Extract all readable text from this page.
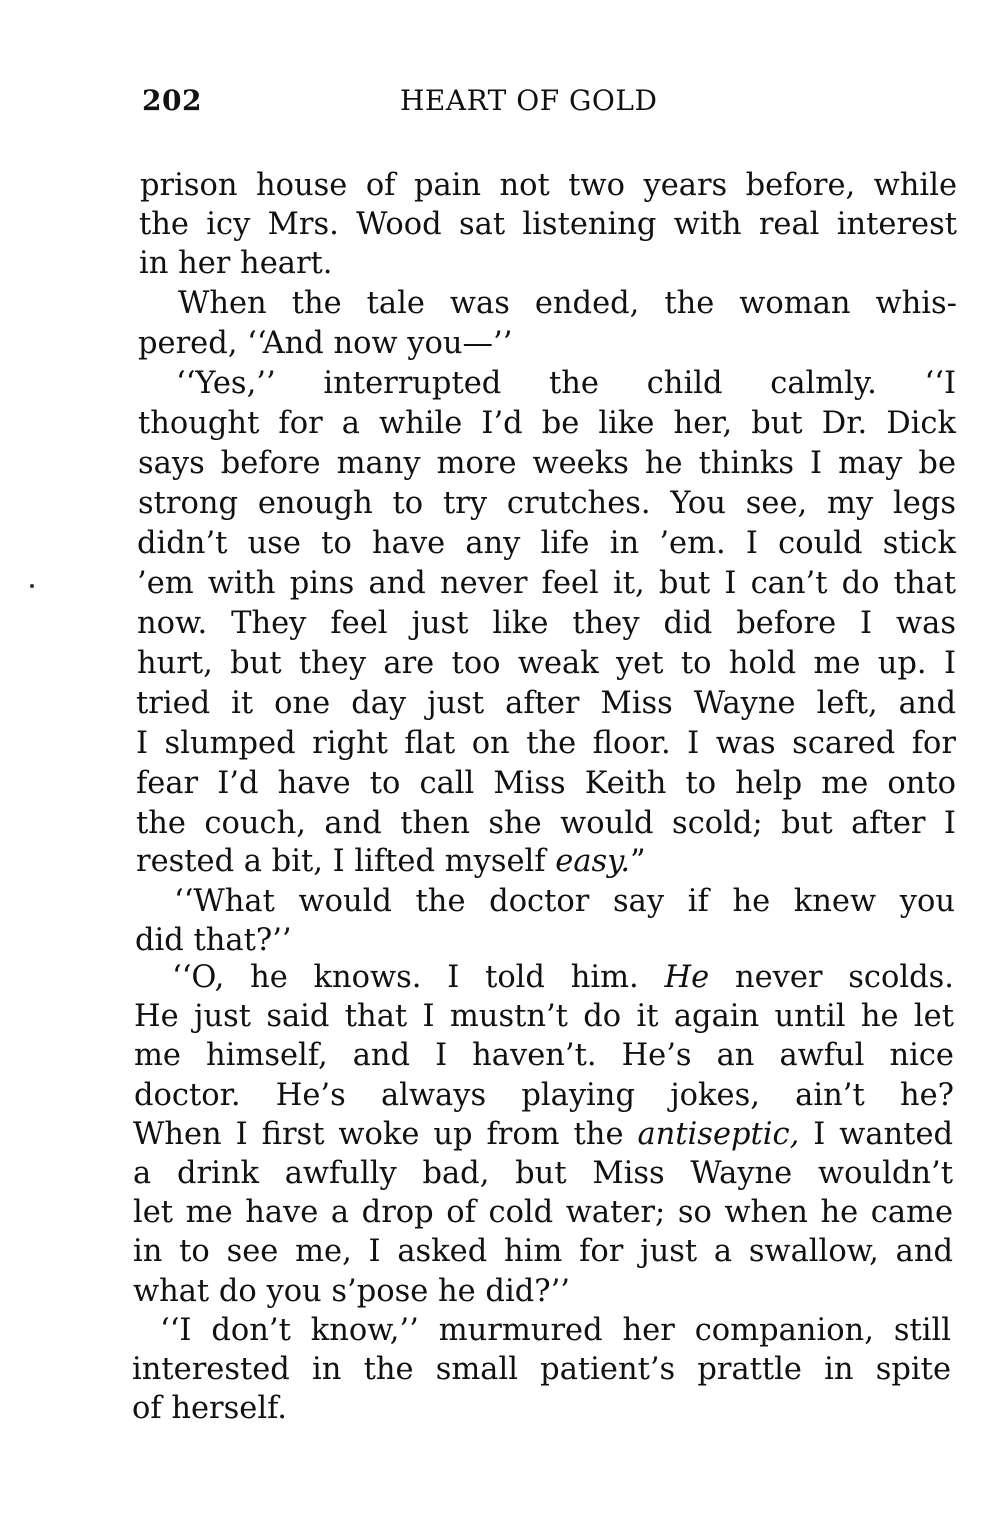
202	HEART OF GOLD
prison house of pain not two years before, while
the icy Mrs. Wood sat listening with real interest
in her heart.
When the tale was ended, the woman whis-
pered, ‘‘And now you—’’
‘‘Yes,’’ interrupted the child calmly. ‘‘I
thought for a while I’d be like her, but Dr. Dick
says before many more weeks he thinks I may be
strong enough to try crutches. You see, my legs
didn’t use to have any life in ’em. I could stick
’em with pins and never feel it, but I can’t do that
now. They feel just like they did before I was
hurt, but they are too weak yet to hold me up. I
tried it one day just after Miss Wayne left, and
I slumped right flat on the floor. I was scared for
fear I’d have to call Miss Keith to help me onto
the couch, and then she would scold; but after I
rested a bit, I lifted myself easy.”
‘‘What would the doctor say if he knew you
did that?’’
‘‘O, he knows. I told him. He never scolds.
He just said that I mustn’t do it again until he let
me himself, and I haven’t. He’s an awful nice
doctor. He’s always playing jokes, ain’t he?
When I first woke up from the antiseptic, I wanted
a drink awfully bad, but Miss Wayne wouldn’t
let me have a drop of cold water; so when he came
in to see me, I asked him for just a swallow, and
what do you s’pose he did?’’
‘‘I don’t know,’’ murmured her companion, still
interested in the small patient’s prattle in spite
of herself.
